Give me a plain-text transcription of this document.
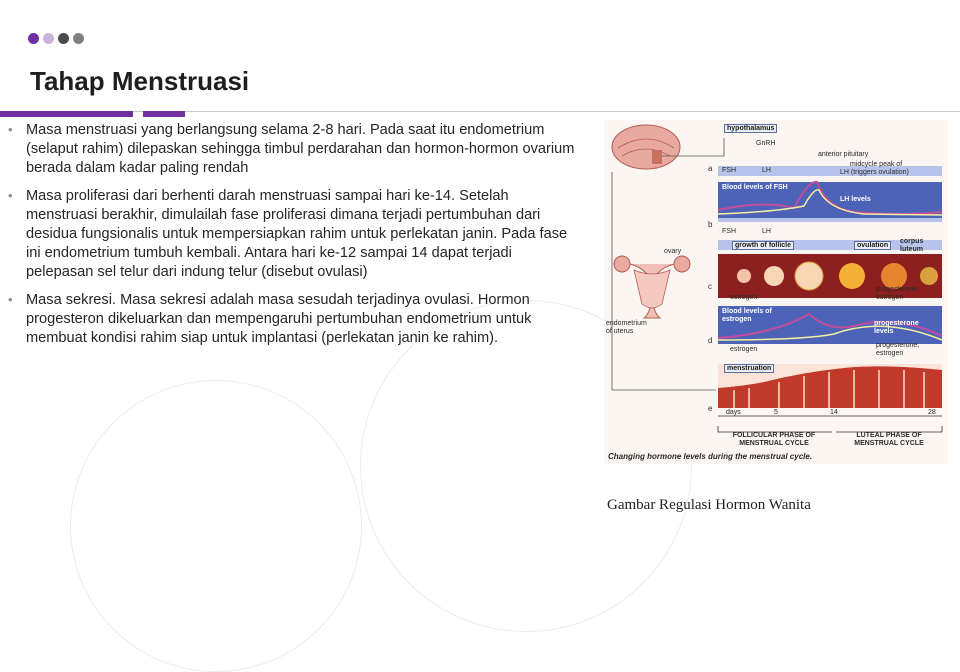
Tahap Menstruasi
• Masa menstruasi yang berlangsung selama 2-8 hari. Pada saat itu endometrium (selaput rahim) dilepaskan sehingga timbul perdarahan dan hormon-hormon ovarium berada dalam kadar paling rendah
• Masa proliferasi dari berhenti darah menstruasi sampai hari ke-14. Setelah menstruasi berakhir, dimulailah fase proliferasi dimana terjadi pertumbuhan dari desidua fungsionalis untuk mempersiapkan rahim untuk perlekatan janin. Pada fase ini endometrium tumbuh kembali. Antara hari ke-12 sampai 14 dapat terjadi pelepasan sel telur dari indung telur (disebut ovulasi)
• Masa sekresi. Masa sekresi adalah masa sesudah terjadinya ovulasi. Hormon progesteron dikeluarkan dan mempengaruhi pertumbuhan endometrium untuk membuat kondisi rahim siap untuk implantasi (perlekatan janin ke rahim).
hypothalamus
GnRH
anterior pituitary
midcycle peak of
LH (triggers ovulation)
FSH	LH
Blood levels of FSH
LH levels
FSH	LH
ovary
growth of follicle	ovulation
corpus luteum
estrogen
progesterone, estrogen
endometrium of uterus
Blood levels of estrogen
progesterone levels
estrogen
progesterone, estrogen
menstruation
days	5	14	28
FOLLICULAR PHASE OF MENSTRUAL CYCLE
LUTEAL PHASE OF MENSTRUAL CYCLE
a
b
c
d
e
Changing hormone levels during the menstrual cycle.
Gambar Regulasi Hormon Wanita
